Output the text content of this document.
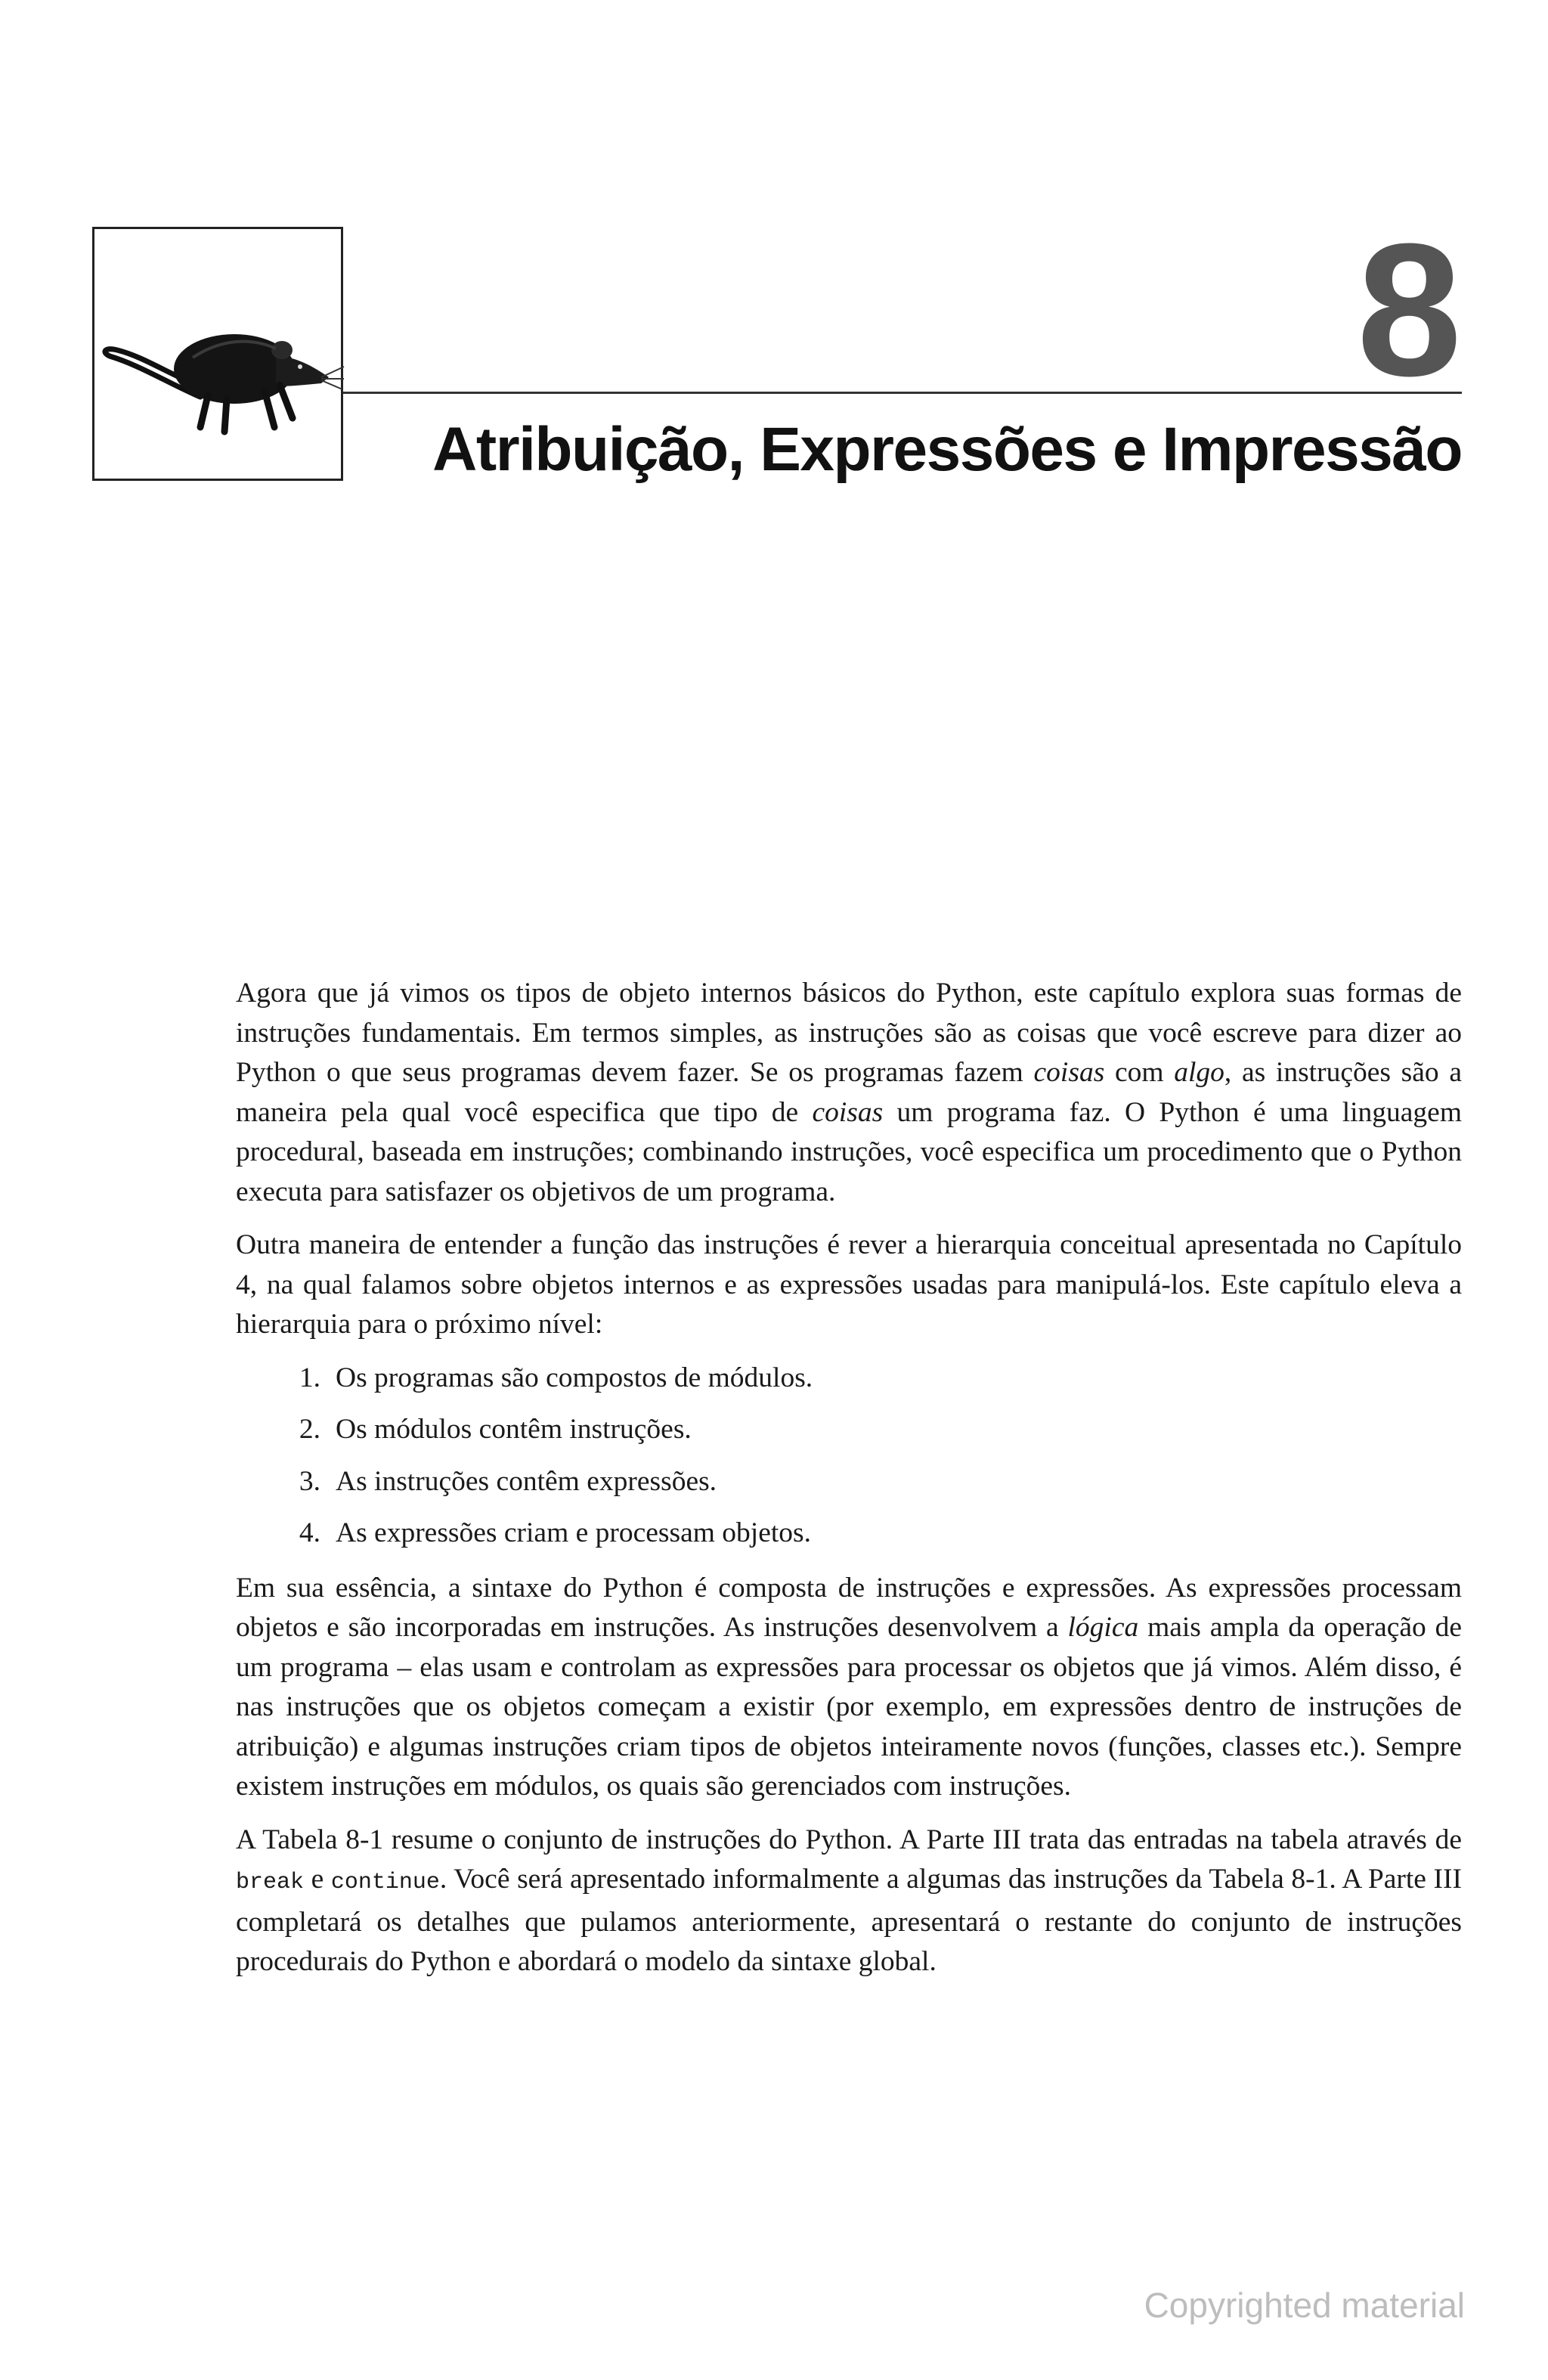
8
Atribuição, Expressões e Impressão

Agora que já vimos os tipos de objeto internos básicos do Python, este capítulo explora suas formas de instruções fundamentais. Em termos simples, as instruções são as coisas que você escreve para dizer ao Python o que seus programas devem fazer. Se os programas fazem coisas com algo, as instruções são a maneira pela qual você especifica que tipo de coisas um programa faz. O Python é uma linguagem procedural, baseada em instruções; combinando instruções, você especifica um procedimento que o Python executa para satisfazer os objetivos de um programa.

Outra maneira de entender a função das instruções é rever a hierarquia conceitual apresentada no Capítulo 4, na qual falamos sobre objetos internos e as expressões usadas para manipulá-los. Este capítulo eleva a hierarquia para o próximo nível:

1. Os programas são compostos de módulos.
2. Os módulos contêm instruções.
3. As instruções contêm expressões.
4. As expressões criam e processam objetos.

Em sua essência, a sintaxe do Python é composta de instruções e expressões. As expressões processam objetos e são incorporadas em instruções. As instruções desenvolvem a lógica mais ampla da operação de um programa – elas usam e controlam as expressões para processar os objetos que já vimos. Além disso, é nas instruções que os objetos começam a existir (por exemplo, em expressões dentro de instruções de atribuição) e algumas instruções criam tipos de objetos inteiramente novos (funções, classes etc.). Sempre existem instruções em módulos, os quais são gerenciados com instruções.

A Tabela 8-1 resume o conjunto de instruções do Python. A Parte III trata das entradas na tabela através de break e continue. Você será apresentado informalmente a algumas das instruções da Tabela 8-1. A Parte III completará os detalhes que pulamos anteriormente, apresentará o restante do conjunto de instruções procedurais do Python e abordará o modelo da sintaxe global.

Copyrighted material
